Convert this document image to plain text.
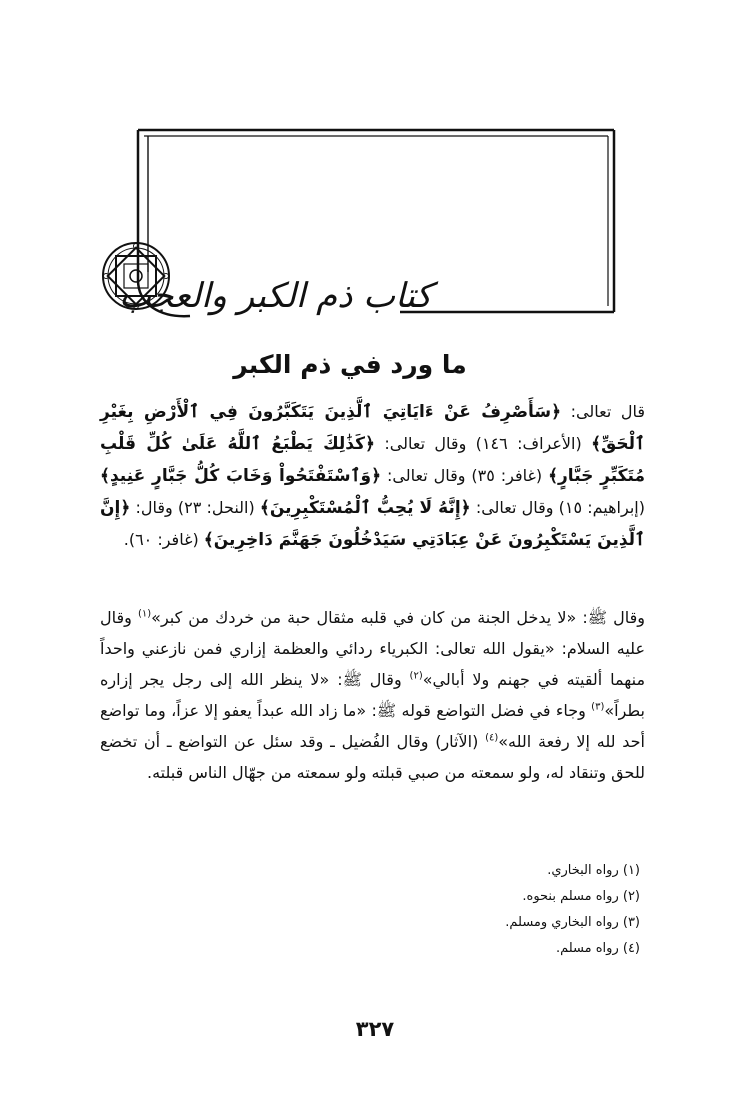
كتاب ذم الكبر والعجب
ما ورد في ذم الكبر
قال تعالى: ﴿سَأَصْرِفُ عَنْ ءَايَاتِيَ ٱلَّذِينَ يَتَكَبَّرُونَ فِي ٱلْأَرْضِ بِغَيْرِ ٱلْحَقِّ﴾ (الأعراف: ١٤٦) وقال تعالى: ﴿كَذَٰلِكَ يَطْبَعُ ٱللَّهُ عَلَىٰ كُلِّ قَلْبِ مُتَكَبِّرٍ جَبَّارٍ﴾ (غافر: ٣٥) وقال تعالى: ﴿وَٱسْتَفْتَحُواْ وَخَابَ كُلُّ جَبَّارٍ عَنِيدٍ﴾ (إبراهيم: ١٥) وقال تعالى: ﴿إِنَّهُ لَا يُحِبُّ ٱلْمُسْتَكْبِرِينَ﴾ (النحل: ٢٣) وقال: ﴿إِنَّ ٱلَّذِينَ يَسْتَكْبِرُونَ عَنْ عِبَادَتِي سَيَدْخُلُونَ جَهَنَّمَ دَاخِرِينَ﴾ (غافر: ٦٠).
وقال ﷺ: «لا يدخل الجنة من كان في قلبه مثقال حبة من خردك من كبر»$^{(١)}$ وقال عليه السلام: «يقول الله تعالى: الكبرياء ردائي والعظمة إزاري فمن نازعني واحداً منهما ألقيته في جهنم ولا أبالي»$^{(٢)}$ وقال ﷺ: «لا ينظر الله إلى رجل يجر إزاره بطراً»$^{(٣)}$ وجاء في فضل التواضع قوله ﷺ: «ما زاد الله عبداً يعفو إلا عزاً، وما تواضع أحد لله إلا رفعة الله»$^{(٤)}$ (الآثار) وقال الفُضيل ـ وقد سئل عن التواضع ـ أن تخضع للحق وتنقاد له، ولو سمعته من صبي قبلته ولو سمعته من جهّال الناس قبلته.
(١) رواه البخاري.
(٢) رواه مسلم بنحوه.
(٣) رواه البخاري ومسلم.
(٤) رواه مسلم.
٣٢٧
